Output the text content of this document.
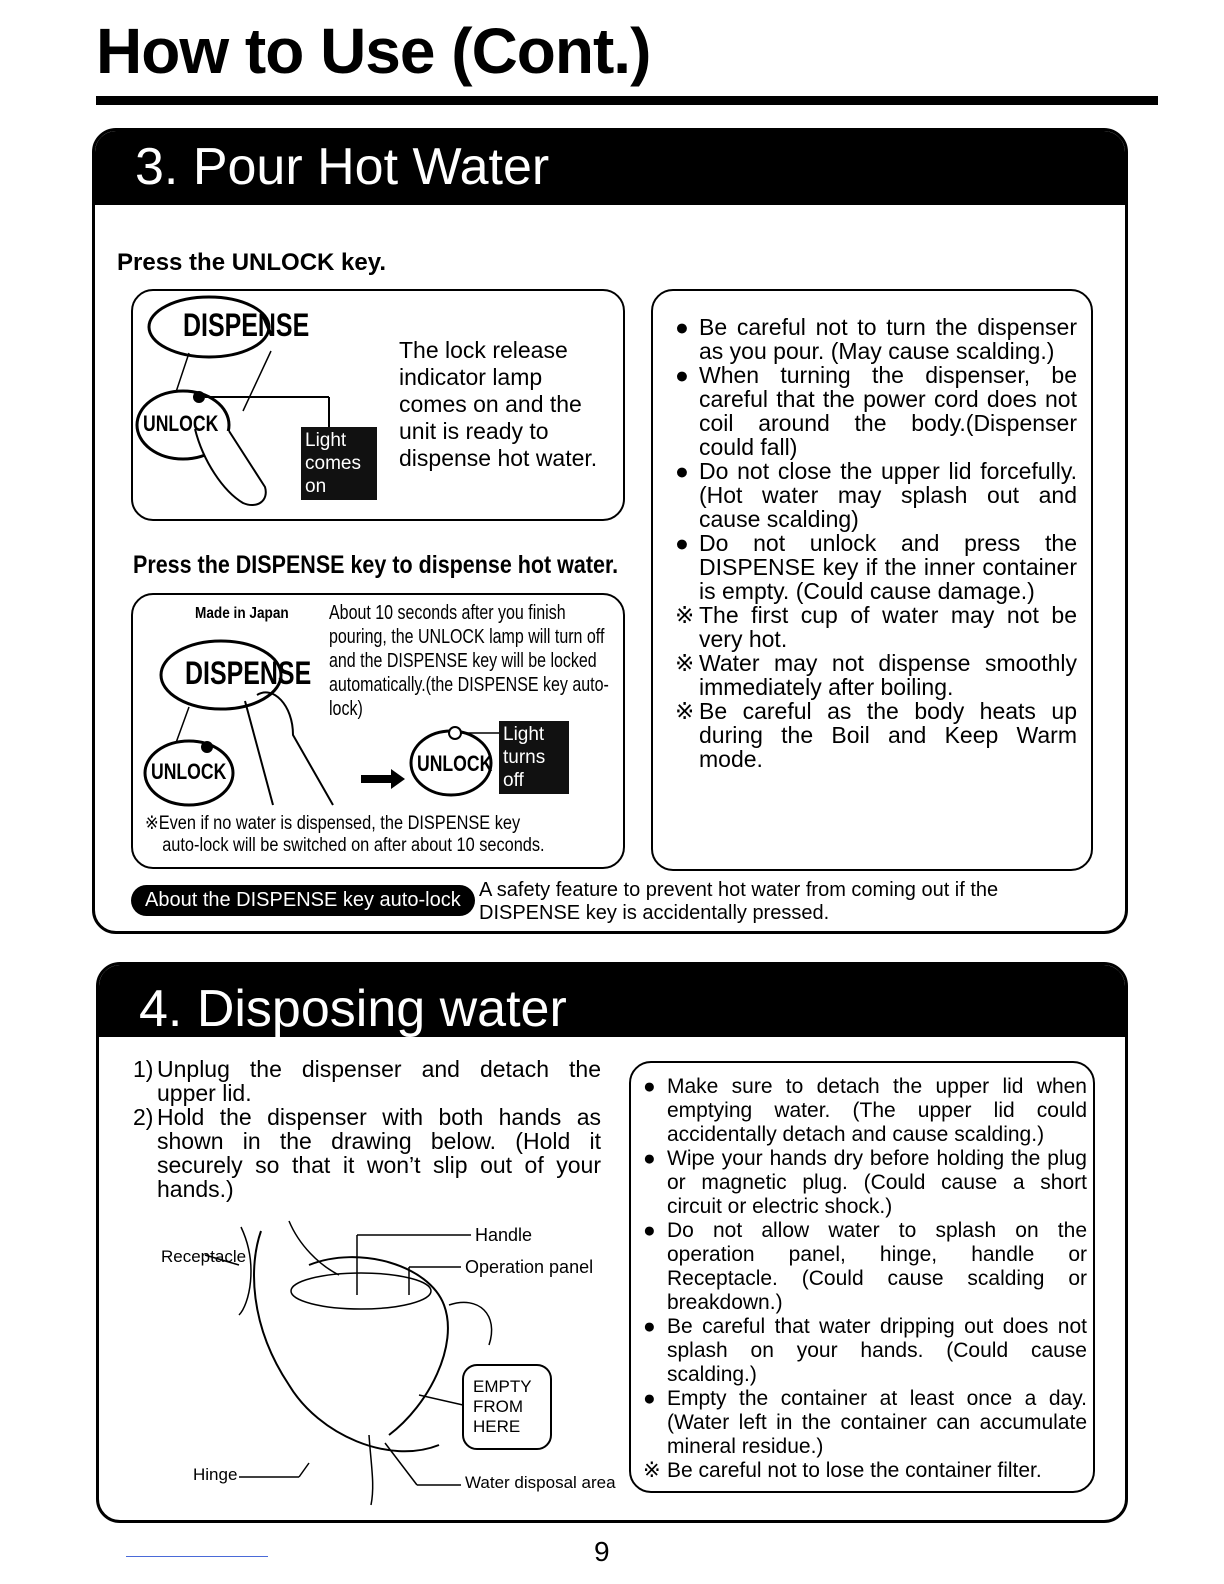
How to Use (Cont.)
3. Pour Hot Water
Press the UNLOCK key.
DISPENSE
UNLOCK
Light
comes
on
The lock release
indicator lamp
comes on and the
unit is ready to
dispense hot water.
Press the DISPENSE key to dispense hot water.
Made in Japan
DISPENSE
UNLOCK	UNLOCK
Light
turns
off
About 10 seconds after you finish
pouring, the UNLOCK lamp will turn off
and the DISPENSE key will be locked
automatically.(the DISPENSE key auto-
lock)
※Even if no water is dispensed, the DISPENSE key
auto-lock will be switched on after about 10 seconds.
● Be careful not to turn the dispenser as you pour. (May cause scalding.)
● When turning the dispenser, be careful that the power cord does not coil around the body.(Dispenser could fall)
● Do not close the upper lid forcefully. (Hot water may splash out and cause scalding)
● Do not unlock and press the DISPENSE key if the inner container is empty. (Could cause damage.)
※ The first cup of water may not be very hot.
※ Water may not dispense smoothly immediately after boiling.
※ Be careful as the body heats up during the Boil and Keep Warm mode.
About the DISPENSE key auto-lock A safety feature to prevent hot water from coming out if the
DISPENSE key is accidentally pressed.
4. Disposing water
1) Unplug the dispenser and detach the
upper lid.
2) Hold the dispenser with both hands as
shown in the drawing below. (Hold it
securely so that it won’t slip out of your
hands.)
Handle
Operation panel
Receptacle
EMPTY
FROM
HERE
Hinge	Water disposal area
● Make sure to detach the upper lid when emptying water. (The upper lid could accidentally detach and cause scalding.)
● Wipe your hands dry before holding the plug or magnetic plug. (Could cause a short circuit or electric shock.)
● Do not allow water to splash on the operation panel, hinge, handle or Receptacle. (Could cause scalding or breakdown.)
● Be careful that water dripping out does not splash on your hands. (Could cause scalding.)
● Empty the container at least once a day. (Water left in the container can accumulate mineral residue.)
※ Be careful not to lose the container filter.
9
